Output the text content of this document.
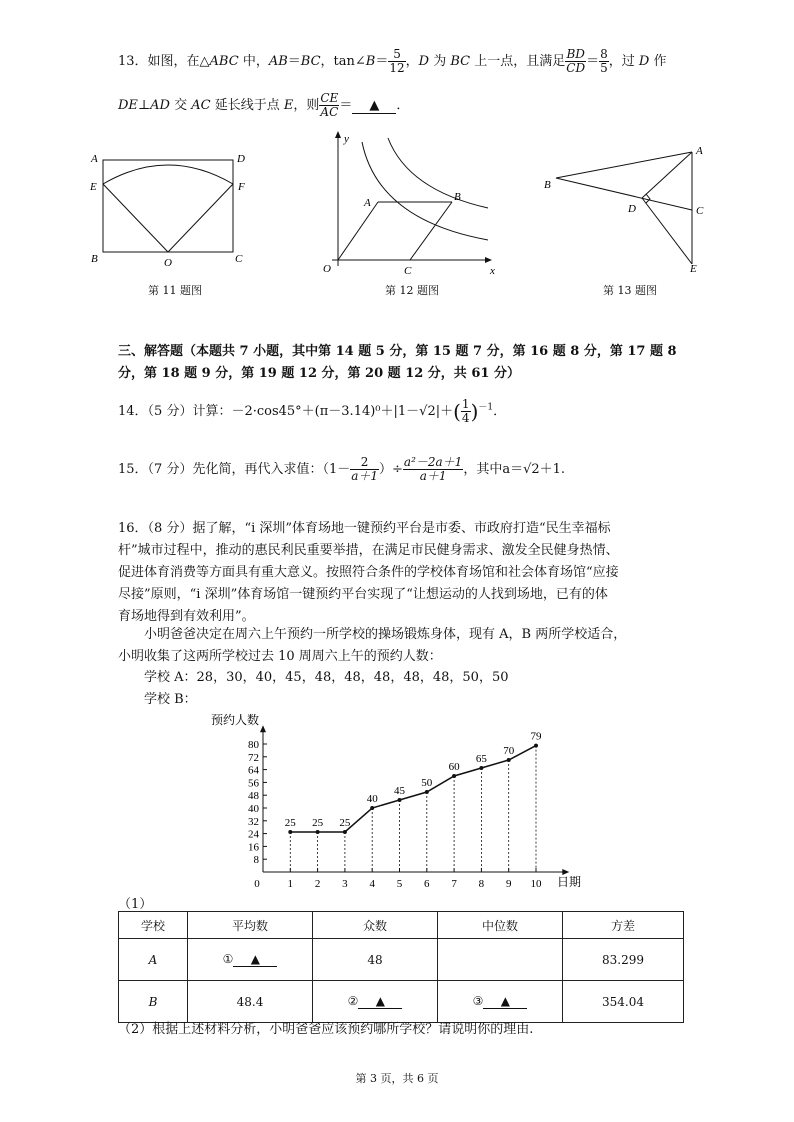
13．如图，在△ABC 中，AB＝BC，tan∠B＝ $\frac{5}{12}$ ，D 为 BC 上一点，且满足 $\frac{BD}{CD} = \frac{8}{5}$ ，过 D 作
DE⊥AD 交 AC 延长线于点 E，则 $\frac{CE}{AC}$ ＝ ▲ ．
A	D
E	F
B	O	C
第 11 题图
y
x
O
A	B
C
第 12 题图
A
B
C
D
E
第 13 题图
三、解答题（本题共 7 小题，其中第 14 题 5 分，第 15 题 7 分，第 16 题 8 分，第 17 题 8
分，第 18 题 9 分，第 19 题 12 分，第 20 题 12 分，共 61 分）
14．（5 分）计算：$-2\cdot\cos 45^\circ+(\pi-3.14)^0+|1-√2|+( \frac{1}{4} )^{-1}$．
15．（7 分）先化简，再代入求值：（$1- \frac{2}{a+1}$ ）÷ $\frac{\text{a²－2a＋1}}{a+1}$ ，其中a＝√2＋1.
16．（8 分）据了解，“i 深圳”体育场地一键预约平台是市委、市政府打造“民生幸福标
杆”城市过程中，推动的惠民利民重要举措，在满足市民健身需求、激发全民健身热情、
促进体育消费等方面具有重大意义。按照符合条件的学校体育场馆和社会体育场馆“应接
尽接”原则，“i 深圳”体育场馆一键预约平台实现了“让想运动的人找到场地，已有的体
育场地得到有效利用”。
小明爸爸决定在周六上午预约一所学校的操场锻炼身体，现有 A，B 两所学校适合，
小明收集了这两所学校过去 10 周周六上午的预约人数：
学校 A：28，30，40，45，48，48，48，48，48，50，50
学校 B：
预约人数
日期
8
16
24
32
40
48
56
64
72
80
0	1 2 3 4 5 6 7 8 9 10
25 25 25
40
45
50
60
65
70
79
（1）
学校	平均数	众数	中位数	方差
A	① ▲	48		83.299
B	48.4	② ▲	③ ▲	354.04
（2）根据上述材料分析，小明爸爸应该预约哪所学校？请说明你的理由.
第 3 页，共 6 页
